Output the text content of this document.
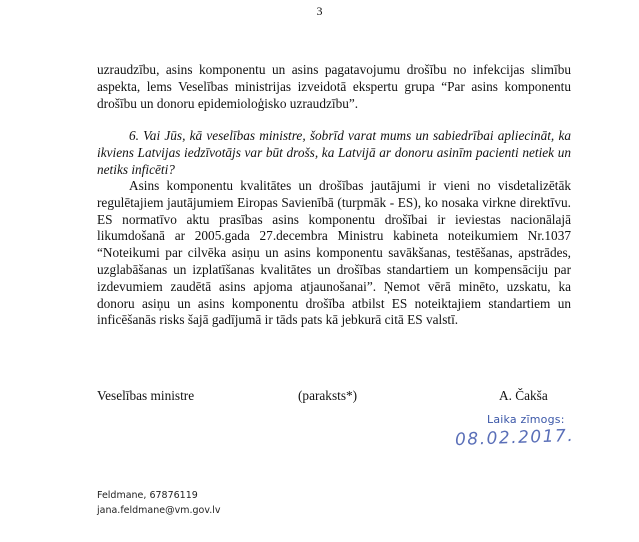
3

uzraudzību, asins komponentu un asins pagatavojumu drošību no infekcijas slimību aspekta, lems Veselības ministrijas izveidotā ekspertu grupa “Par asins komponentu drošību un donoru epidemioloģisko uzraudzību”.

6. Vai Jūs, kā veselības ministre, šobrīd varat mums un sabiedrībai apliecināt, ka ikviens Latvijas iedzīvotājs var būt drošs, ka Latvijā ar donoru asinīm pacienti netiek un netiks inficēti?

Asins komponentu kvalitātes un drošības jautājumi ir vieni no visdetalizētāk regulētajiem jautājumiem Eiropas Savienībā (turpmāk - ES), ko nosaka virkne direktīvu. ES normatīvo aktu prasības asins komponentu drošībai ir ieviestas nacionālajā likumdošanā ar 2005.gada 27.decembra Ministru kabineta noteikumiem Nr.1037 “Noteikumi par cilvēka asiņu un asins komponentu savākšanas, testēšanas, apstrādes, uzglabāšanas un izplatīšanas kvalitātes un drošības standartiem un kompensāciju par izdevumiem zaudētā asins apjoma atjaunošanai”. Ņemot vērā minēto, uzskatu, ka donoru asiņu un asins komponentu drošība atbilst ES noteiktajiem standartiem un inficēšanās risks šajā gadījumā ir tāds pats kā jebkurā citā ES valstī.

Veselības ministre	(paraksts*)	A. Čakša
Laika zīmogs:
08.02.2017.
Feldmane, 67876119
jana.feldmane@vm.gov.lv
